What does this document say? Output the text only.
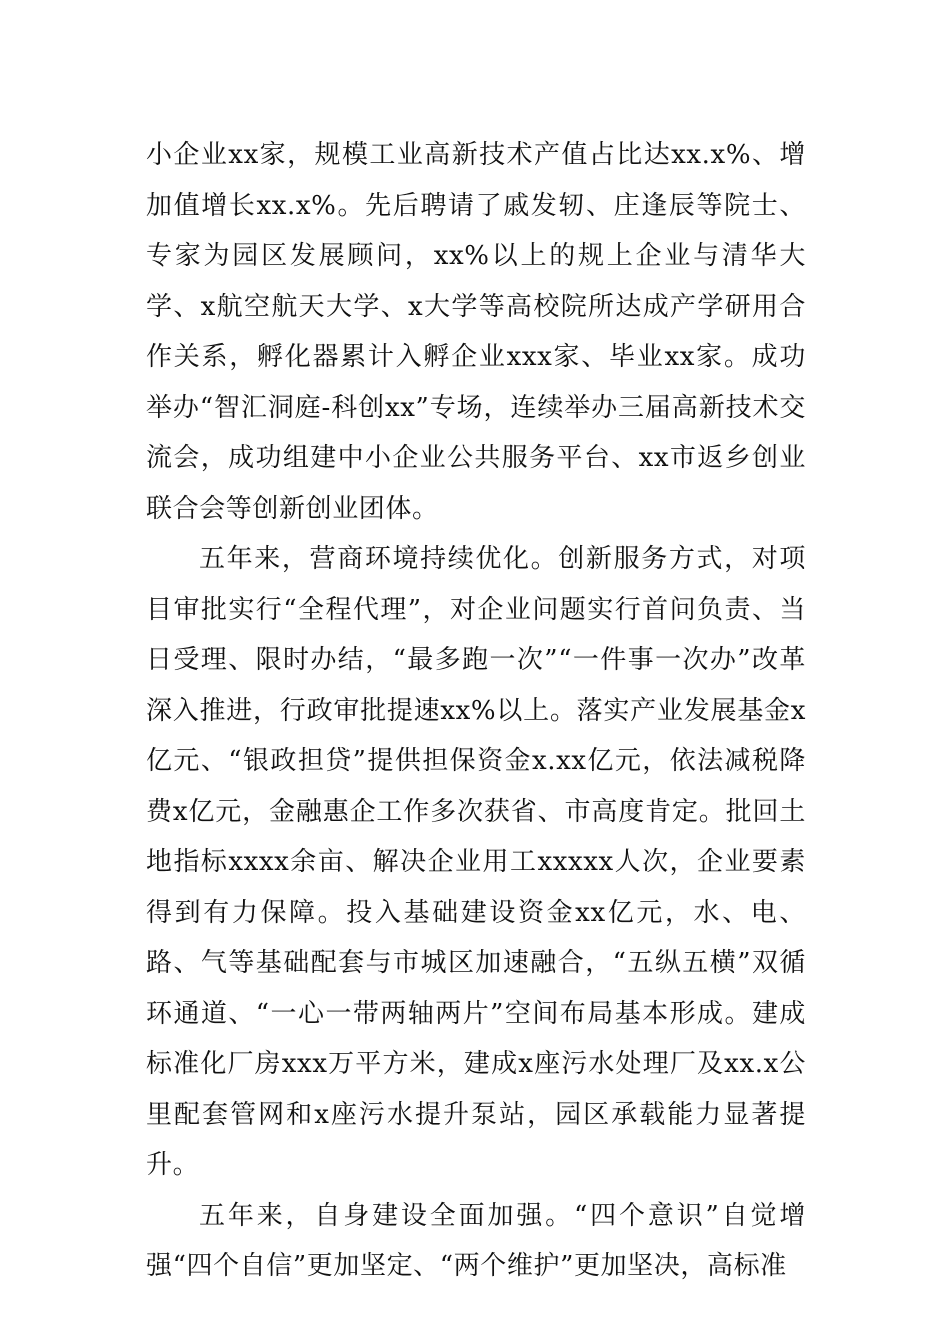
小企业xx家，规模工业高新技术产值占比达xx.x%、增加值增长xx.x%。先后聘请了戚发轫、庄逢辰等院士、专家为园区发展顾问，xx%以上的规上企业与清华大学、x航空航天大学、x大学等高校院所达成产学研用合作关系，孵化器累计入孵企业xxx家、毕业xx家。成功举办“智汇洞庭-科创xx”专场，连续举办三届高新技术交流会，成功组建中小企业公共服务平台、xx市返乡创业联合会等创新创业团体。

五年来，营商环境持续优化。创新服务方式，对项目审批实行“全程代理”，对企业问题实行首问负责、当日受理、限时办结，“最多跑一次”“一件事一次办”改革深入推进，行政审批提速xx%以上。落实产业发展基金x亿元、“银政担贷”提供担保资金x.xx亿元，依法减税降费x亿元，金融惠企工作多次获省、市高度肯定。批回土地指标xxxx余亩、解决企业用工xxxxx人次，企业要素得到有力保障。投入基础建设资金xx亿元，水、电、路、气等基础配套与市城区加速融合，“五纵五横”双循环通道、“一心一带两轴两片”空间布局基本形成。建成标准化厂房xxx万平方米，建成x座污水处理厂及xx.x公里配套管网和x座污水提升泵站，园区承载能力显著提升。

五年来，自身建设全面加强。“四个意识”自觉增强“四个自信”更加坚定、“两个维护”更加坚决，高标准
